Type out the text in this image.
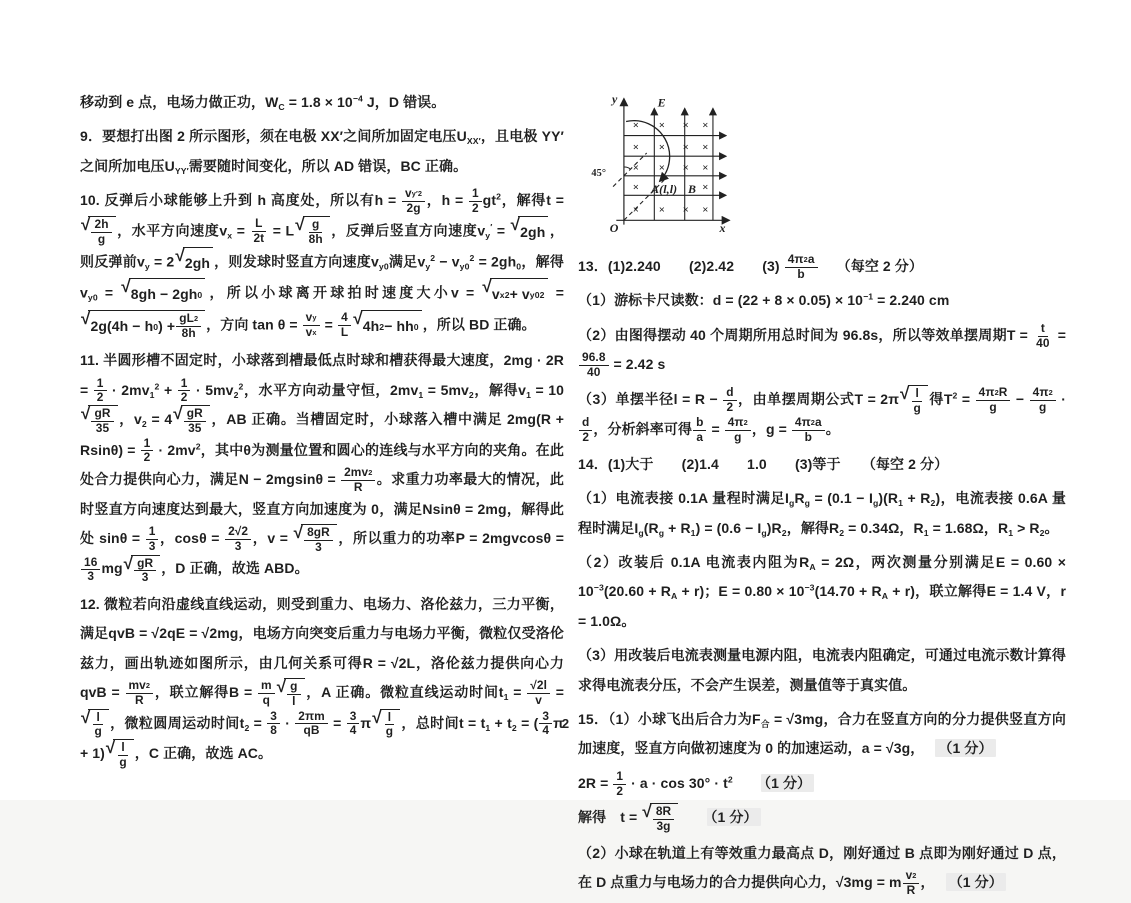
移动到 e 点，电场力做正功，$W_C = 1.8 \times 10^{-4}$ J，D 错误。

9．要想打出图 2 所示图形，须在电极 XX′之间所加固定电压$U_{XX'}$，且电极 YY′之间所加电压$U_{YY'}$需要随时间变化，所以 AD 错误，BC 正确。

10. 反弹后小球能够上升到 h 高度处，所以有$h = \frac{\text{v y ′2}}{2g}$ ，$h = \frac{1}{2} gt^2$，解得t =
√ $\frac{2h}{g}$ ，水平方向速度$v_x = \frac{L}{2t} = L$ √ $\frac{g}{8h}$ ，反弹后竖直方向速度$v_y'$ = √ 2gh ，则反弹前$v_y = 2$ √ 2gh ，则发球时竖直方向速度$v_{y0}$满足$v_y^2 - v_{y0}^2 = 2gh_0$，解得$v_{y0}$ = √ 8gh − 2gh 0 ，所以小球离开球拍时速度大小v = √ v x 2 + v y0 2 =
√ 2g(4h − h 0 ) + $\frac{gL 2}{8h}$ ，方向 $\tan \theta = \frac{\text{v y}}{\text{v x}} = \frac{4}{L}$ √ 4h 2 − hh 0 ，所以 BD 正确。

11. 半圆形槽不固定时，小球落到槽最低点时球和槽获得最大速度，$2mg \cdot 2R = \frac{1}{2} \cdot 2mv_1^2 + \frac{1}{2} \cdot 5mv_2^2$，水平方向动量守恒，$2mv_1 = 5mv_2$，解得$v_1 = 10$
√ $\frac{gR}{35}$ ，$v_2 = 4$ √ $\frac{gR}{35}$ ，AB 正确。当槽固定时，小球落入槽中满足 $2mg(R + Rsin\theta) = \frac{1}{2} \cdot 2mv^2$，其中θ为测量位置和圆心的连线与水平方向的夹角。在此处合力提供向心力，满足$N - 2mgsin\theta = \frac{2mv 2}{R}$ 。求重力功率最大的情况，此时竖直方向速度达到最大，竖直方向加速度为 0，满足Nsinθ = 2mg，解得此处 $\sin\theta = \frac{1}{3}$ ，$\cos\theta = \frac{2√2}{3}$ ，v = √ $\frac{8gR}{3}$ ，所以重力的功率P = 2mgvcosθ =
$\frac{16}{3}$ mg √ $\frac{gR}{3}$ ，D 正确，故选 ABD。

12. 微粒若向沿虚线直线运动，则受到重力、电场力、洛伦兹力，三力平衡，满足qvB = √2qE = √2mg，电场方向突变后重力与电场力平衡，微粒仅受洛伦兹力，画出轨迹如图所示，由几何关系可得R = √2L，洛伦兹力提供向心力qvB = $\frac{mv 2}{R}$ ，联立解得$B = \frac{m}{q}$ √ $\frac{g}{l}$ ，A 正确。微粒直线运动时间$t_1 = \frac{√2l}{v}$ =
√ $\frac{l}{g}$ ，微粒圆周运动时间$t_2 = \frac{3}{8} \cdot \frac{2\pi m}{qB} = \frac{3}{4}$ π √ $\frac{l}{g}$ ，总时间$t = t_1 + t_2$ = ( $\frac{3}{4}$ π + 1) √ $\frac{l}{g}$ ，C 正确，故选 AC。

× × × ×
× × × ×
× × × ×
× × × ×
×	×
y
x
O
E
45°
A(l,l) B

13．(1)2.240　　(2)2.42　　$(3) \frac{4\pi 2 a}{b}$ 　 （每空 2 分）

（1）游标卡尺读数：$d = (22 + 8 \times 0.05) \times 10^{-1} = 2.240$ cm

（2）由图得摆动 40 个周期所用总时间为 96.8s，所以等效单摆周期$T = \frac{t}{40}$ =
$\frac{96.8}{40} = 2.42$ s

（3）单摆半径$l = R - \frac{d}{2}$ ，由单摆周期公式T = 2π √ $\frac{l}{g}$ 得$T^2 = \frac{4\pi 2 R}{g} - \frac{4\pi 2}{g}$ ·
$\frac{d}{2}$ ，分析斜率可得 $\frac{b}{a} = \frac{4\pi 2}{g}$ ，$g = \frac{4\pi 2 a}{b}$ 。

14．(1)大于　　(2)1.4　　1.0　　(3)等于　　（每空 2 分）

（1）电流表接 0.1A 量程时满足$I_gR_g = (0.1 - I_g)(R_1 + R_2)$，电流表接 0.6A 量程时满足$I_g(R_g + R_1) = (0.6 - I_g)R_2$，解得$R_2 = 0.34\Omega$，$R_1 = 1.68\Omega$，$R_1 > R_2$。

（2）改装后 0.1A 电流表内阻为$R_A = 2\Omega$，两次测量分别满足$E = 0.60 \times 10^{-3}(20.60 + R_A + r)$；$E = 0.80 \times 10^{-3}(14.70 + R_A + r)$，联立解得E = 1.4 V，r = 1.0Ω。

（3）用改装后电流表测量电源内阻，电流表内阻确定，可通过电流示数计算得求得电流表分压，不会产生误差，测量值等于真实值。

15．（1）小球飞出后合力为$F_合 = √3mg$，合力在竖直方向的分力提供竖直方向加速度，竖直方向做初速度为 0 的加速运动，a = √3g，　 （1 分）

$2R = \frac{1}{2} \cdot a \cdot \cos 30^\circ \cdot t^2$　　 （1 分）

解得　t = √ $\frac{8R}{3g}$
　　	（1 分）

（2）小球在轨道上有等效重力最高点 D，刚好通过 B 点即为刚好通过 D 点，在 D 点重力与电场力的合力提供向心力，√3mg = m $\frac{v 2}{R}$ ，　 （1 分）

2
